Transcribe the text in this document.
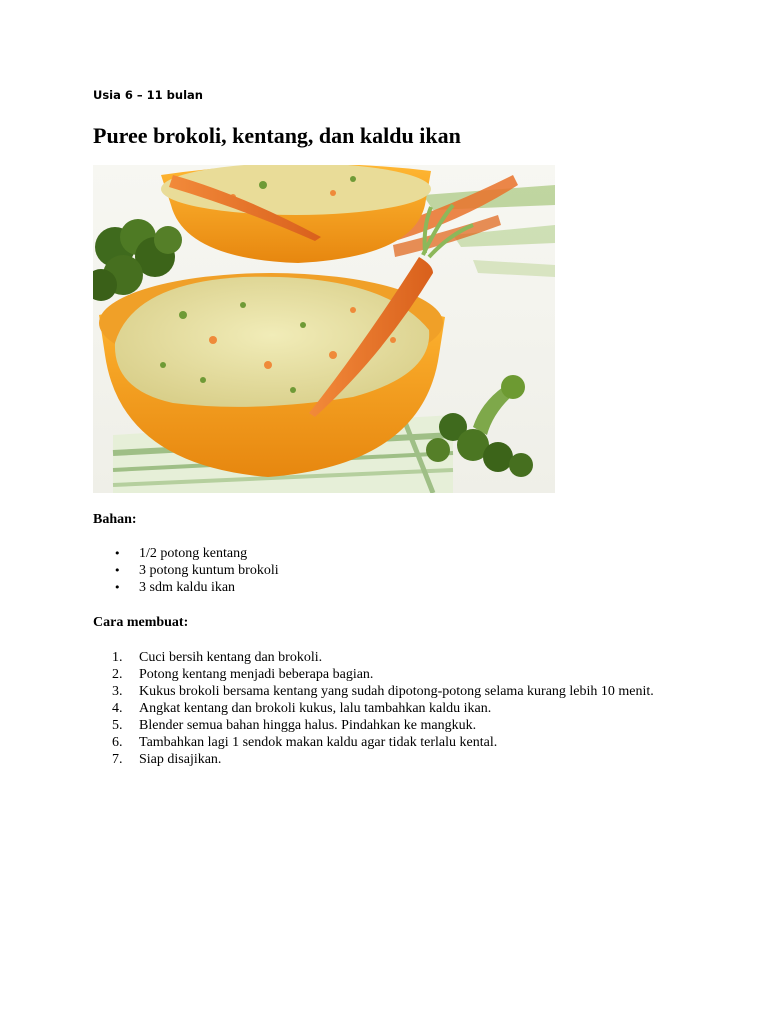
Usia 6 – 11 bulan
Puree brokoli, kentang, dan kaldu ikan
Bahan:
• 1/2 potong kentang
• 3 potong kuntum brokoli
• 3 sdm kaldu ikan
Cara membuat:
1. Cuci bersih kentang dan brokoli.
2. Potong kentang menjadi beberapa bagian.
3. Kukus brokoli bersama kentang yang sudah dipotong-potong selama kurang lebih 10 menit.
4. Angkat kentang dan brokoli kukus, lalu tambahkan kaldu ikan.
5. Blender semua bahan hingga halus. Pindahkan ke mangkuk.
6. Tambahkan lagi 1 sendok makan kaldu agar tidak terlalu kental.
7. Siap disajikan.
